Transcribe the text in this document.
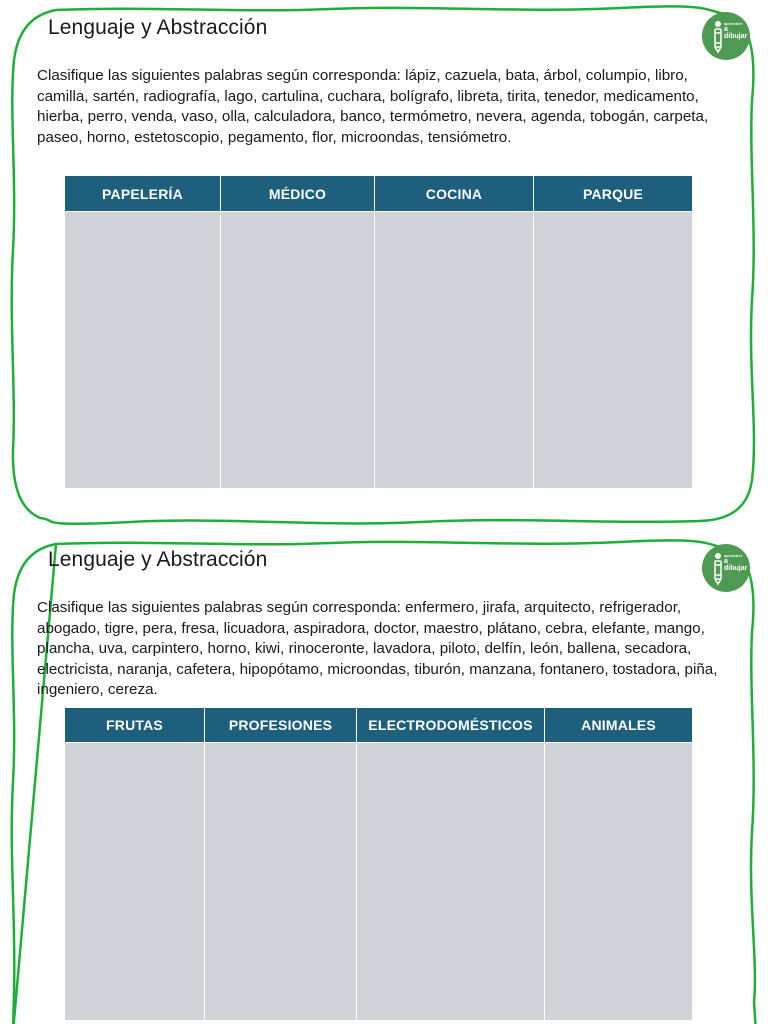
Lenguaje y Abstracción	aprender
a dibujar

Clasifique las siguientes palabras según corresponda: lápiz, cazuela, bata, árbol, columpio, libro, camilla, sartén, radiografía, lago, cartulina, cuchara, bolígrafo, libreta, tirita, tenedor, medicamento, hierba, perro, venda, vaso, olla, calculadora, banco, termómetro, nevera, agenda, tobogán, carpeta, paseo, horno, estetoscopio, pegamento, flor, microondas, tensiómetro.

PAPELERÍA	MÉDICO	COCINA	PARQUE
Lenguaje y Abstracción	aprender
a dibujar

Clasifique las siguientes palabras según corresponda: enfermero, jirafa, arquitecto, refrigerador, abogado, tigre, pera, fresa, licuadora, aspiradora, doctor, maestro, plátano, cebra, elefante, mango, plancha, uva, carpintero, horno, kiwi, rinoceronte, lavadora, piloto, delfín, león, ballena, secadora, electricista, naranja, cafetera, hipopótamo, microondas, tiburón, manzana, fontanero, tostadora, piña, ingeniero, cereza.

FRUTAS	PROFESIONES	ELECTRODOMÉSTICOS	ANIMALES
